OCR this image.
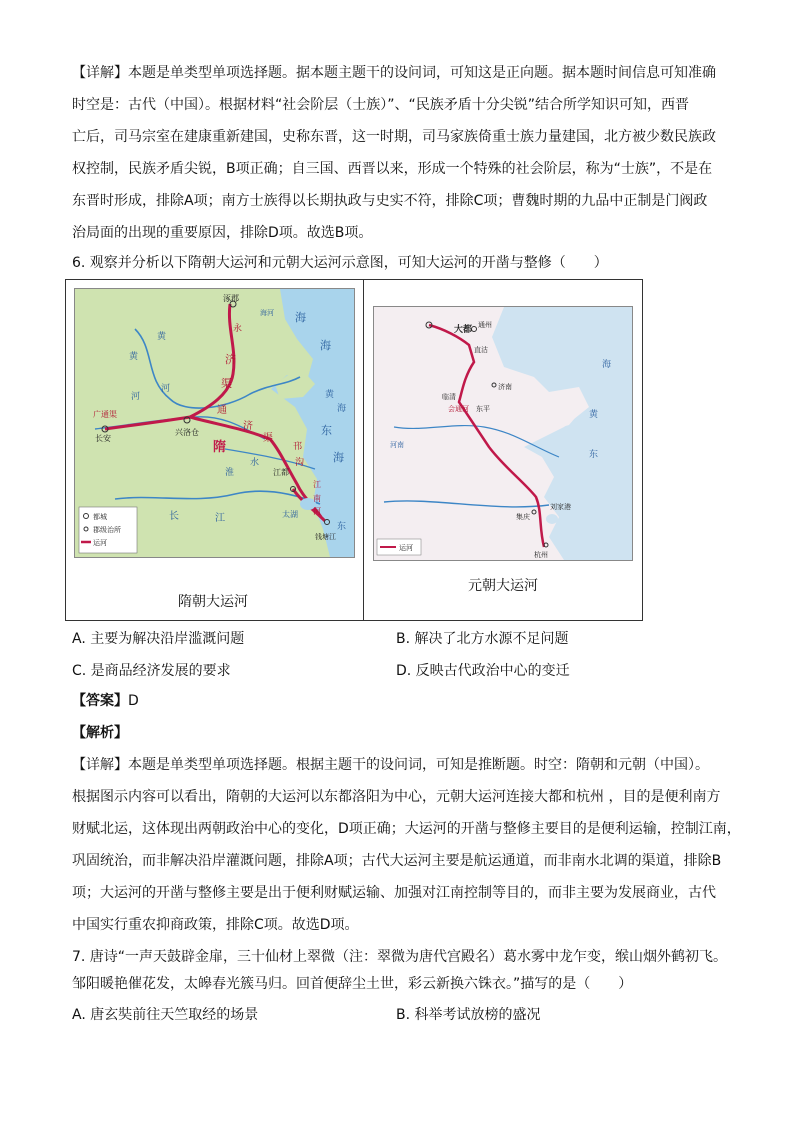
【详解】本题是单类型单项选择题。据本题主题干的设问词，可知这是正向题。据本题时间信息可知准确
时空是：古代（中国）。根据材料“社会阶层（士族）”、“民族矛盾十分尖锐”结合所学知识可知，西晋
亡后，司马宗室在建康重新建国，史称东晋，这一时期，司马家族倚重士族力量建国，北方被少数民族政
权控制，民族矛盾尖锐，B项正确；自三国、西晋以来，形成一个特殊的社会阶层，称为“士族”，不是在
东晋时形成，排除A项；南方士族得以长期执政与史实不符，排除C项；曹魏时期的九品中正制是门阀政
治局面的出现的重要原因，排除D项。故选B项。
6. 观察并分析以下隋朝大运河和元朝大运河示意图，可知大运河的开凿与整修（　　）
涿郡
海河 海
海
黄
海
东
海
东
永
济
渠
黄
河
通
济
渠
广通渠
长安
兴洛仓
隋
淮
水
邗
沟
江都
江
南
河
太湖
钱塘江
长	江
黄
河
都城
郡级治所
运河
隋朝大运河
大都 通州
直沽
临清
济南
东平
会通河
河南
黄
东
海
集庆
刘家港
杭州
运河
元朝大运河
A. 主要为解决沿岸滥溉问题	B. 解决了北方水源不足问题
C. 是商品经济发展的要求	D. 反映古代政治中心的变迁
【答案】D
【解析】
【详解】本题是单类型单项选择题。根据主题干的设问词，可知是推断题。时空：隋朝和元朝（中国）。
根据图示内容可以看出，隋朝的大运河以东都洛阳为中心，元朝大运河连接大都和杭州 ，目的是便利南方
财赋北运，这体现出两朝政治中心的变化，D项正确；大运河的开凿与整修主要目的是便利运输，控制江南，
巩固统治，而非解决沿岸灌溉问题，排除A项；古代大运河主要是航运通道，而非南水北调的渠道，排除B
项；大运河的开凿与整修主要是出于便利财赋运输、加强对江南控制等目的，而非主要为发展商业，古代
中国实行重农抑商政策，排除C项。故选D项。
7. 唐诗“一声天鼓辟金扉，三十仙材上翠微（注：翠微为唐代宫殿名）葛水雾中龙乍变，缑山烟外鹤初飞。
邹阳暖艳催花发，太皞春光簇马归。回首便辞尘土世，彩云新换六铢衣。”描写的是（　　）
A. 唐玄奘前往天竺取经的场景	B. 科举考试放榜的盛况
